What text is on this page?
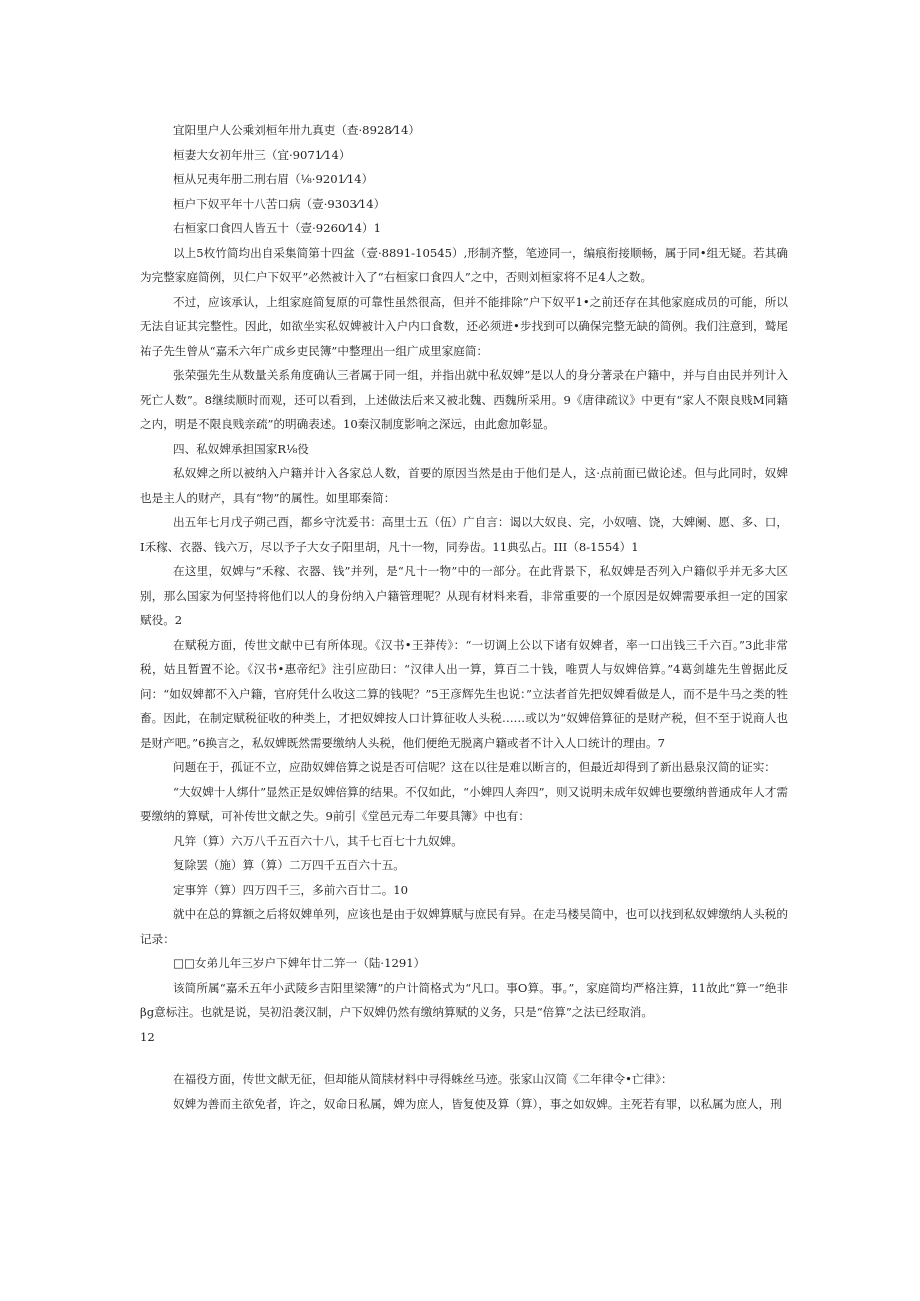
宜阳里户人公乘刘桓年卅九真吏（查·8928⁄14）

桓妻大女初年卅三（宜·9071⁄14）

桓从兄夷年册二刑右眉（⅛·9201⁄14）

桓户下奴平年十八苦口病（壹·9303⁄14）

右桓家口食四人皆五十（壹·9260⁄14）1

以上5枚竹简均出自采集简第十四盆（壹·8891-10545）,形制齐整，笔迹同一，编痕衔接顺畅，属于同•组无疑。若其确为完整家庭简例，贝仁户下奴平”必然被计入了“右桓家口食四人”之中，否则刘桓家将不足4人之数。

不过，应该承认，上组家庭简复原的可靠性虽然很高，但并不能排除”户下奴平1•之前还存在其他家庭成员的可能，所以无法自证其完整性。因此，如欲坐实私奴婢被计入户内口食数，还必须进•步找到可以确保完整无缺的简例。我们注意到，鹫尾祐子先生曾从“嘉禾六年广成乡吏民簿”中整理出一组广成里家庭简：

张荣强先生从数量关系角度确认三者属于同一组，并指出就中私奴婢”是以人的身分著录在户籍中，并与自由民并列计入死亡人数”。8继续顺时而观，还可以看到，上述做法后来又被北魏、西魏所采用。9《唐律疏议》中更有“家人不限良贱M同籍之内，明是不限良贱亲疏”的明确表述。10秦汉制度影响之深远，由此愈加彰显。

四、私奴婢承担国家R⅛役

私奴婢之所以被纳入户籍并计入各家总人数，首要的原因当然是由于他们是人，这·点前面已做论述。但与此同时，奴婢也是主人的财产，具有“物”的属性。如里耶秦简：

出五年七月戊子朔己酉，都乡守沈爰书：高里士五（伍）广自言：谒以大奴良、完，小奴嘻、饶，大婢阑、愿、多、口，I禾稼、衣器、钱六万，尽以予子大女子阳里胡，凡十一物，同券齿。11典弘占。III（8-1554）1

在这里，奴婢与”禾稼、衣器、钱”并列，是“凡十一物”中的一部分。在此背景下，私奴婢是否列入户籍似乎并无多大区别，那么国家为何坚持将他们以人的身份纳入户籍管理呢？从现有材料来看，非常重要的一个原因是奴婢需要承担一定的国家赋役。2

在赋税方面，传世文献中已有所体现。《汉书•王莽传》：“一切调上公以下诸有奴婢者，率一口出钱三千六百。”3此非常税，姑且暂置不论。《汉书•惠帝纪》注引应劭曰：“汉律人出一算，算百二十钱，唯贾人与奴婢倍算。”4葛剑雄先生曾据此反问：“如奴婢都不入户籍，官府凭什么收这二算的钱呢？”5王彦辉先生也说：”立法者首先把奴婢看做是人，而不是牛马之类的牲畜。因此，在制定赋税征收的种类上，才把奴婢按人口计算征收人头税……或以为“奴婢倍算征的是财产税，但不至于说商人也是财产吧。”6换言之，私奴婢既然需要缴纳人头税，他们便绝无脱离户籍或者不计入人口统计的理由。7

问题在于，孤证不立，应劭奴婢倍算之说是否可信呢？这在以往是难以断言的，但最近却得到了新出悬泉汉简的证实：

“大奴婢十人绑什”显然正是奴婢倍算的结果。不仅如此，“小婢四人奔四”，则又说明未成年奴婢也要缴纳普通成年人才需要缴纳的算赋，可补传世文献之失。9前引《堂邑元寿二年要具簿》中也有：

凡笄（算）六万八千五百六十八，其千七百七十九奴婢。

复除罢（施）算（算）二万四千五百六十五。

定事笄（算）四万四千三，多前六百廿二。10

就中在总的算额之后将奴婢单列，应该也是由于奴婢算赋与庶民有异。在走马楼吴简中，也可以找到私奴婢缴纳人头税的记录：

□□女弟儿年三岁户下婢年廿二笄一（陆·1291）

该简所属“嘉禾五年小武陵乡吉阳里梁簿”的户计简格式为“凡口。事O算。事。”，家庭简均严格注算，11故此“算一”绝非βg意标注。也就是说，吴初沿袭汉制，户下奴婢仍然有缴纳算赋的义务，只是“倍算”之法已经取消。

12

在福役方面，传世文献无征，但却能从简牍材料中寻得蛛丝马迹。张家山汉简《二年律令•亡律》：

奴婢为善而主欲免者，许之，奴命日私属，婢为庶人，皆复使及算（算），事之如奴婢。主死若有罪，以私属为庶人，刑
